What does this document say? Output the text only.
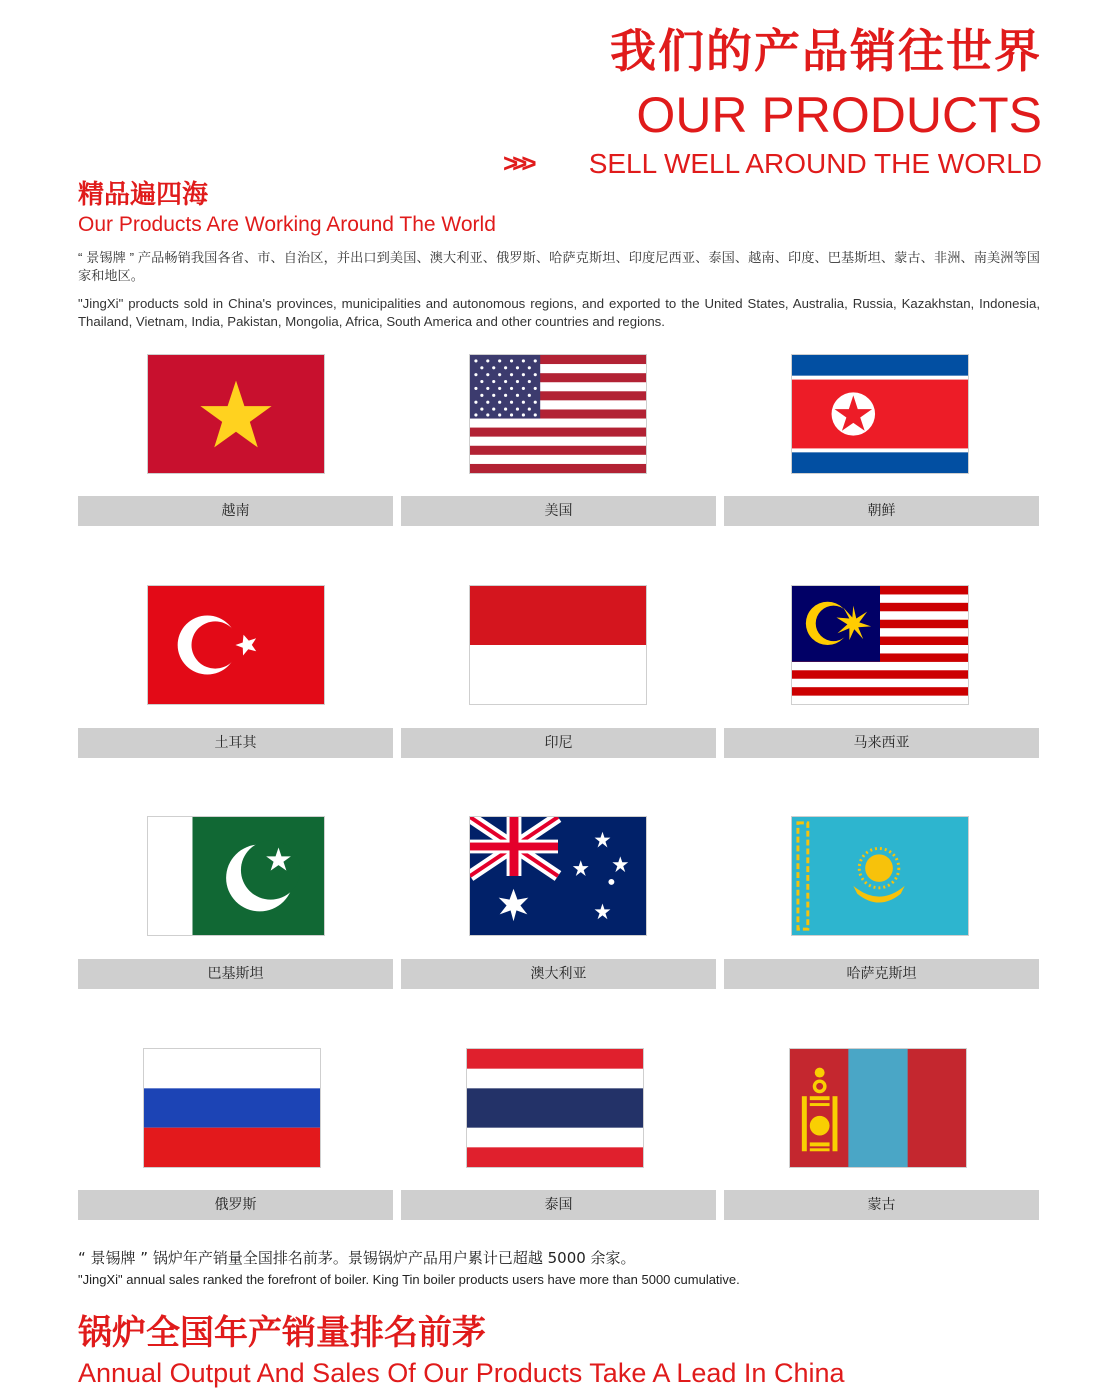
我们的产品销往世界
OUR PRODUCTS
>>> SELL WELL AROUND THE WORLD
精品遍四海
Our Products Are Working Around The World
“ 景锡牌 ” 产品畅销我国各省、市、自治区，并出口到美国、澳大利亚、俄罗斯、哈萨克斯坦、印度尼西亚、泰国、越南、印度、巴基斯坦、蒙古、非洲、南美洲等国家和地区。
"JingXi" products sold in China's provinces, municipalities and autonomous regions, and exported to the United States, Australia, Russia, Kazakhstan, Indonesia, Thailand, Vietnam, India, Pakistan, Mongolia, Africa, South America and other countries and regions.
越南	美国	朝鲜
土耳其	印尼	马来西亚
巴基斯坦	澳大利亚	哈萨克斯坦
俄罗斯	泰国	蒙古
“ 景锡牌 ” 锅炉年产销量全国排名前茅。景锡锅炉产品用户累计已超越 5000 余家。
"JingXi" annual sales ranked the forefront of boiler. King Tin boiler products users have more than 5000 cumulative.
锅炉全国年产销量排名前茅
Annual Output And Sales Of Our Products Take A Lead In China
